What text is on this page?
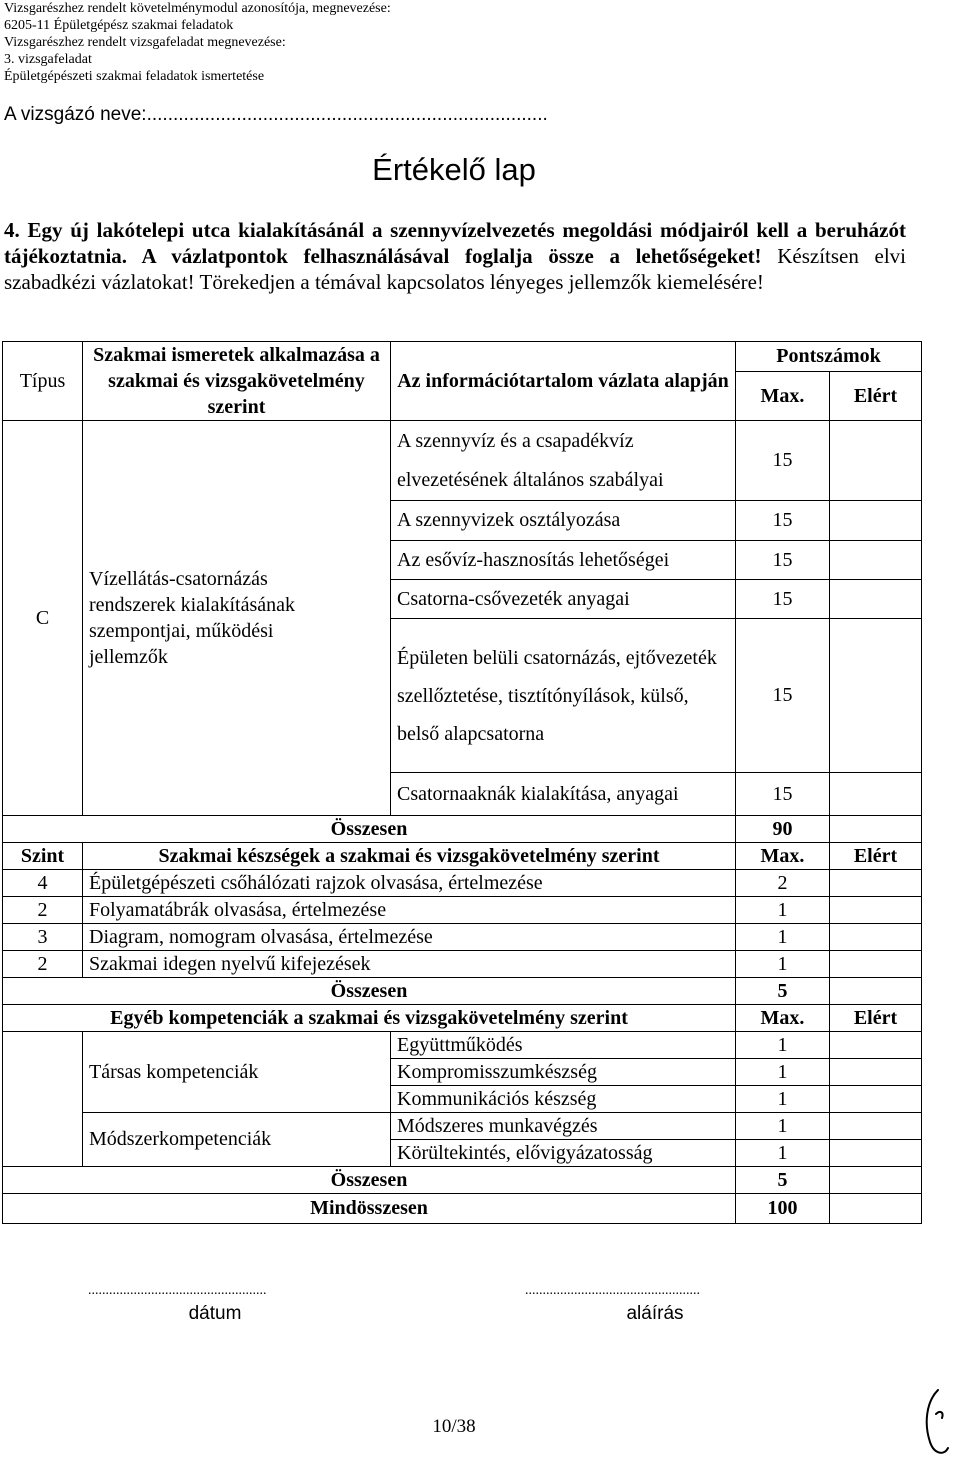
Vizsgarészhez rendelt követelménymodul azonosítója, megnevezése:
6205-11 Épületgépész szakmai feladatok
Vizsgarészhez rendelt vizsgafeladat megnevezése:
3. vizsgafeladat
Épületgépészeti szakmai feladatok ismertetése
A vizsgázó neve:............................................................................
Értékelő lap
4. Egy új lakótelepi utca kialakításánál a szennyvízelvezetés megoldási módjairól kell a beruházót tájékoztatnia. A vázlatpontok felhasználásával foglalja össze a lehetőségeket! Készítsen elvi szabadkézi vázlatokat! Törekedjen a témával kapcsolatos lényeges jellemzők kiemelésére!
Típus	Szakmai ismeretek alkalmazása a szakmai és vizsgakövetelmény szerint	Az információtartalom vázlata alapján	Pontszámok	
			Max.	Elért
C	Vízellátás-csatornázás rendszerek kialakításának szempontjai, működési jellemzők	A szennyvíz és a csapadékvíz elvezetésének általános szabályai	15	
		A szennyvizek osztályozása	15	
		Az esővíz-hasznosítás lehetőségei	15	
		Csatorna-csővezeték anyagai	15	
		Épületen belüli csatornázás, ejtővezeték szellőztetése, tisztítónyílások, külső, belső alapcsatorna	15	
		Csatornaaknák kialakítása, anyagai	15	
Összesen			90	
Szint	Szakmai készségek a szakmai és vizsgakövetelmény szerint		Max.	Elért
4	Épületgépészeti csőhálózati rajzok olvasása, értelmezése		2	
2	Folyamatábrák olvasása, értelmezése		1	
3	Diagram, nomogram olvasása, értelmezése		1	
2	Szakmai idegen nyelvű kifejezések		1	
Összesen			5	
Egyéb kompetenciák a szakmai és vizsgakövetelmény szerint			Max.	Elért
	Társas kompetenciák	Együttműködés	1	
		Kompromisszumkészség	1	
		Kommunikációs készség	1	
	Módszerkompetenciák	Módszeres munkavégzés	1	
		Körültekintés, elővigyázatosság	1	
Összesen			5	
Mindösszesen			100	
...................................................
dátum
..................................................
aláírás
10/38
